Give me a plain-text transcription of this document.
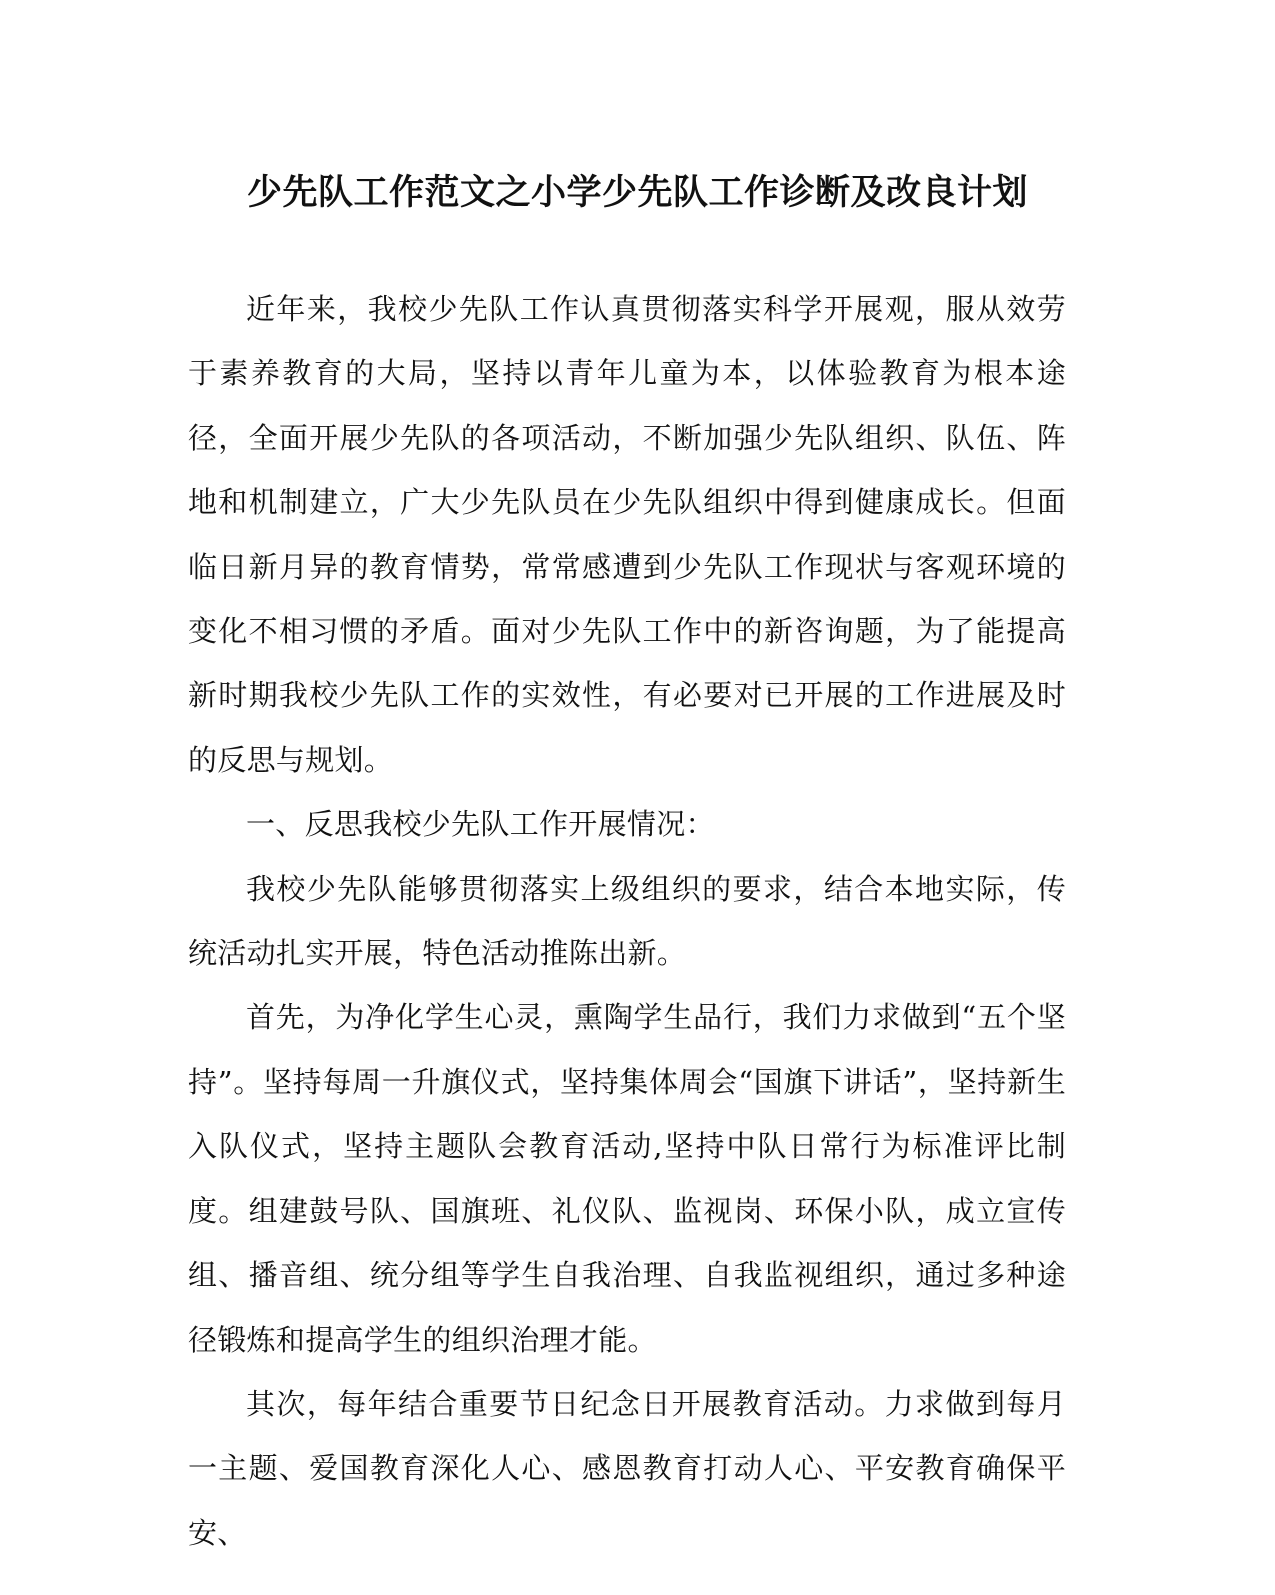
少先队工作范文之小学少先队工作诊断及改良计划

近年来，我校少先队工作认真贯彻落实科学开展观，服从效劳于素养教育的大局，坚持以青年儿童为本，以体验教育为根本途径，全面开展少先队的各项活动，不断加强少先队组织、队伍、阵地和机制建立，广大少先队员在少先队组织中得到健康成长。但面临日新月异的教育情势，常常感遭到少先队工作现状与客观环境的变化不相习惯的矛盾。面对少先队工作中的新咨询题，为了能提高新时期我校少先队工作的实效性，有必要对已开展的工作进展及时的反思与规划。

一、反思我校少先队工作开展情况：

我校少先队能够贯彻落实上级组织的要求，结合本地实际，传统活动扎实开展，特色活动推陈出新。

首先，为净化学生心灵，熏陶学生品行，我们力求做到“五个坚持”。坚持每周一升旗仪式，坚持集体周会“国旗下讲话”，坚持新生入队仪式，坚持主题队会教育活动,坚持中队日常行为标准评比制度。组建鼓号队、国旗班、礼仪队、监视岗、环保小队，成立宣传组、播音组、统分组等学生自我治理、自我监视组织，通过多种途径锻炼和提高学生的组织治理才能。

其次，每年结合重要节日纪念日开展教育活动。力求做到每月一主题、爱国教育深化人心、感恩教育打动人心、平安教育确保平安、
